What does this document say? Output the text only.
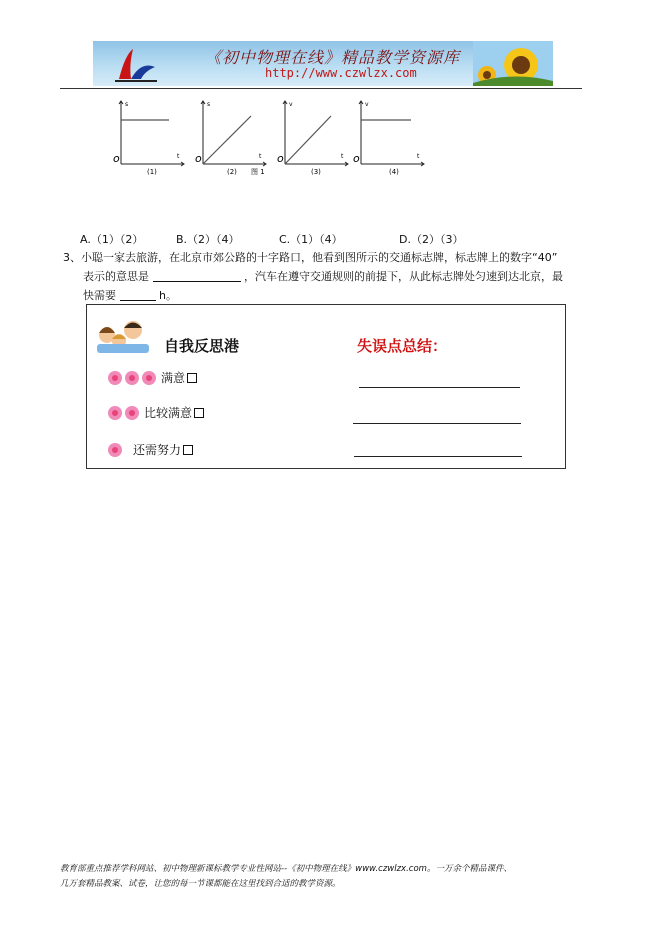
《初中物理在线》精品教学资源库
http://www.czwlzx.com
s
t
o
(1)
s
t
o
(2) 图 1
v
t
o
(3)
v
t
o
(4)
A.（1）（2）	B.（2）（4）	C.（1）（4）	D.（2）（3）
3、小聪一家去旅游，在北京市郊公路的十字路口，他看到图所示的交通标志牌，标志牌上的数字“40”
表示的意思是	，汽车在遵守交通规则的前提下，从此标志牌处匀速到达北京，最
快需要	h。
自我反思港	失误点总结：
满意
比较满意
还需努力
教育部重点推荐学科网站、初中物理新课标教学专业性网站--《初中物理在线》www.czwlzx.com。一万余个精品课件、
几万套精品教案、试卷，让您的每一节课都能在这里找到合适的教学资源。
